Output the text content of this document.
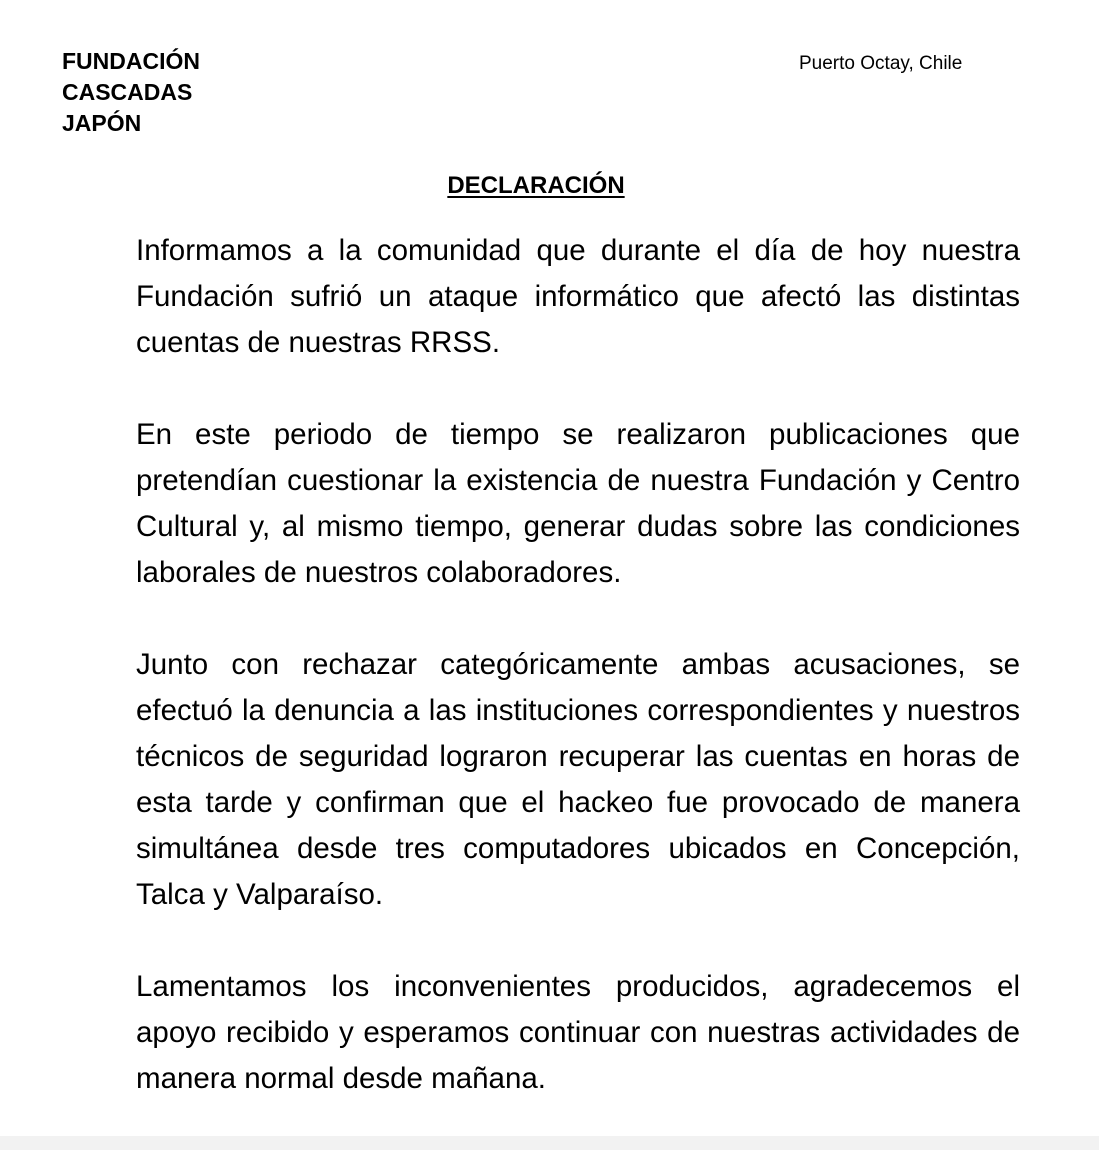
FUNDACIÓN
CASCADAS
JAPÓN
Puerto Octay, Chile
DECLARACIÓN

Informamos a la comunidad que durante el día de hoy nuestra Fundación sufrió un ataque informático que afectó las distintas cuentas de nuestras RRSS.

En este periodo de tiempo se realizaron publicaciones que pretendían cuestionar la existencia de nuestra Fundación y Centro Cultural y, al mismo tiempo, generar dudas sobre las condiciones laborales de nuestros colaboradores.

Junto con rechazar categóricamente ambas acusaciones, se efectuó la denuncia a las instituciones correspondientes y nuestros técnicos de seguridad lograron recuperar las cuentas en horas de esta tarde y confirman que el hackeo fue provocado de manera simultánea desde tres computadores ubicados en Concepción, Talca y Valparaíso.

Lamentamos los inconvenientes producidos, agradecemos el apoyo recibido y esperamos continuar con nuestras actividades de manera normal desde mañana.
